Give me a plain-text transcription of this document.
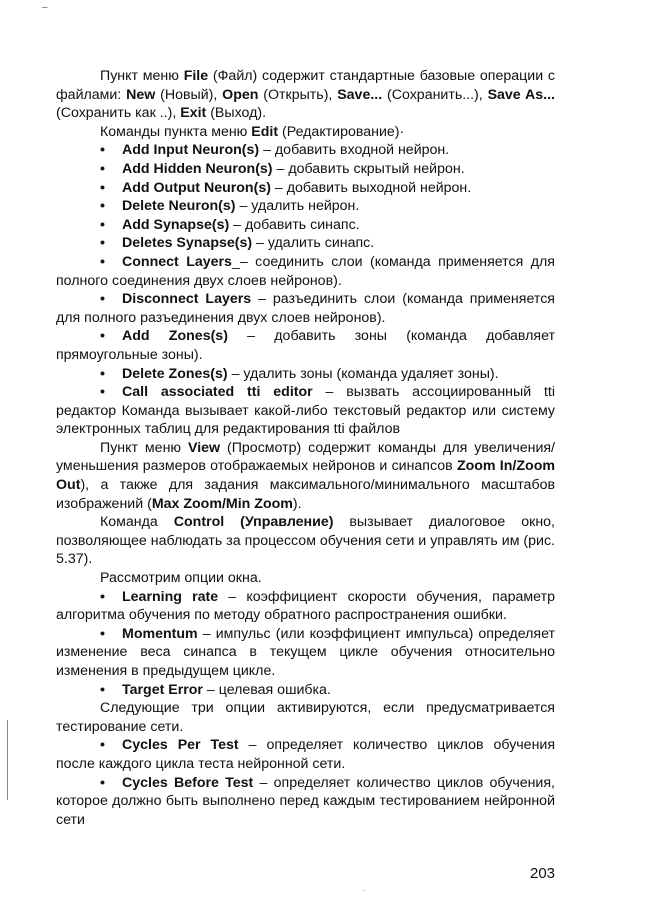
–

Пункт меню File (Файл) содержит стандартные базовые операции с файлами: New (Новый), Open (Открыть), Save... (Сохранить...), Save As... (Сохранить как ..), Exit (Выход).

Команды пункта меню Edit (Редактирование)·

• Add Input Neuron(s) – добавить входной нейрон.

• Add Hidden Neuron(s) – добавить скрытый нейрон.

• Add Output Neuron(s) – добавить выходной нейрон.

• Delete Neuron(s) – удалить нейрон.

• Add Synapse(s) – добавить синапс.

• Deletes Synapse(s) – удалить синапс.

• Connect Layers_– соединить слои (команда применяется для полного соединения двух слоев нейронов).

• Disconnect Layers – разъединить слои (команда применяется для полного разъединения двух слоев нейронов).

• Add Zones(s) – добавить зоны (команда добавляет прямоугольные зоны).

• Delete Zones(s) – удалить зоны (команда удаляет зоны).

• Call associated tti editor – вызвать ассоциированный tti редактор Команда вызывает какой-либо текстовый редактор или систему электронных таблиц для редактирования tti файлов

Пункт меню View (Просмотр) содержит команды для увеличения/уменьшения размеров отображаемых нейронов и синапсов Zoom In/Zoom Out), а также для задания максимального/минимального масштабов изображений (Max Zoom/Min Zoom).

Команда Control (Управление) вызывает диалоговое окно, позволяющее наблюдать за процессом обучения сети и управлять им (рис. 5.37).

Рассмотрим опции окна.

• Learning rate – коэффициент скорости обучения, параметр алгоритма обучения по методу обратного распространения ошибки.

• Momentum – импульс (или коэффициент импульса) определяет изменение веса синапса в текущем цикле обучения относительно изменения в предыдущем цикле.

• Target Error – целевая ошибка.

Следующие три опции активируются, если предусматривается тестирование сети.

• Cycles Per Test – определяет количество циклов обучения после каждого цикла теста нейронной сети.

• Cycles Before Test – определяет количество циклов обучения, которое должно быть выполнено перед каждым тестированием нейронной сети

.
203
